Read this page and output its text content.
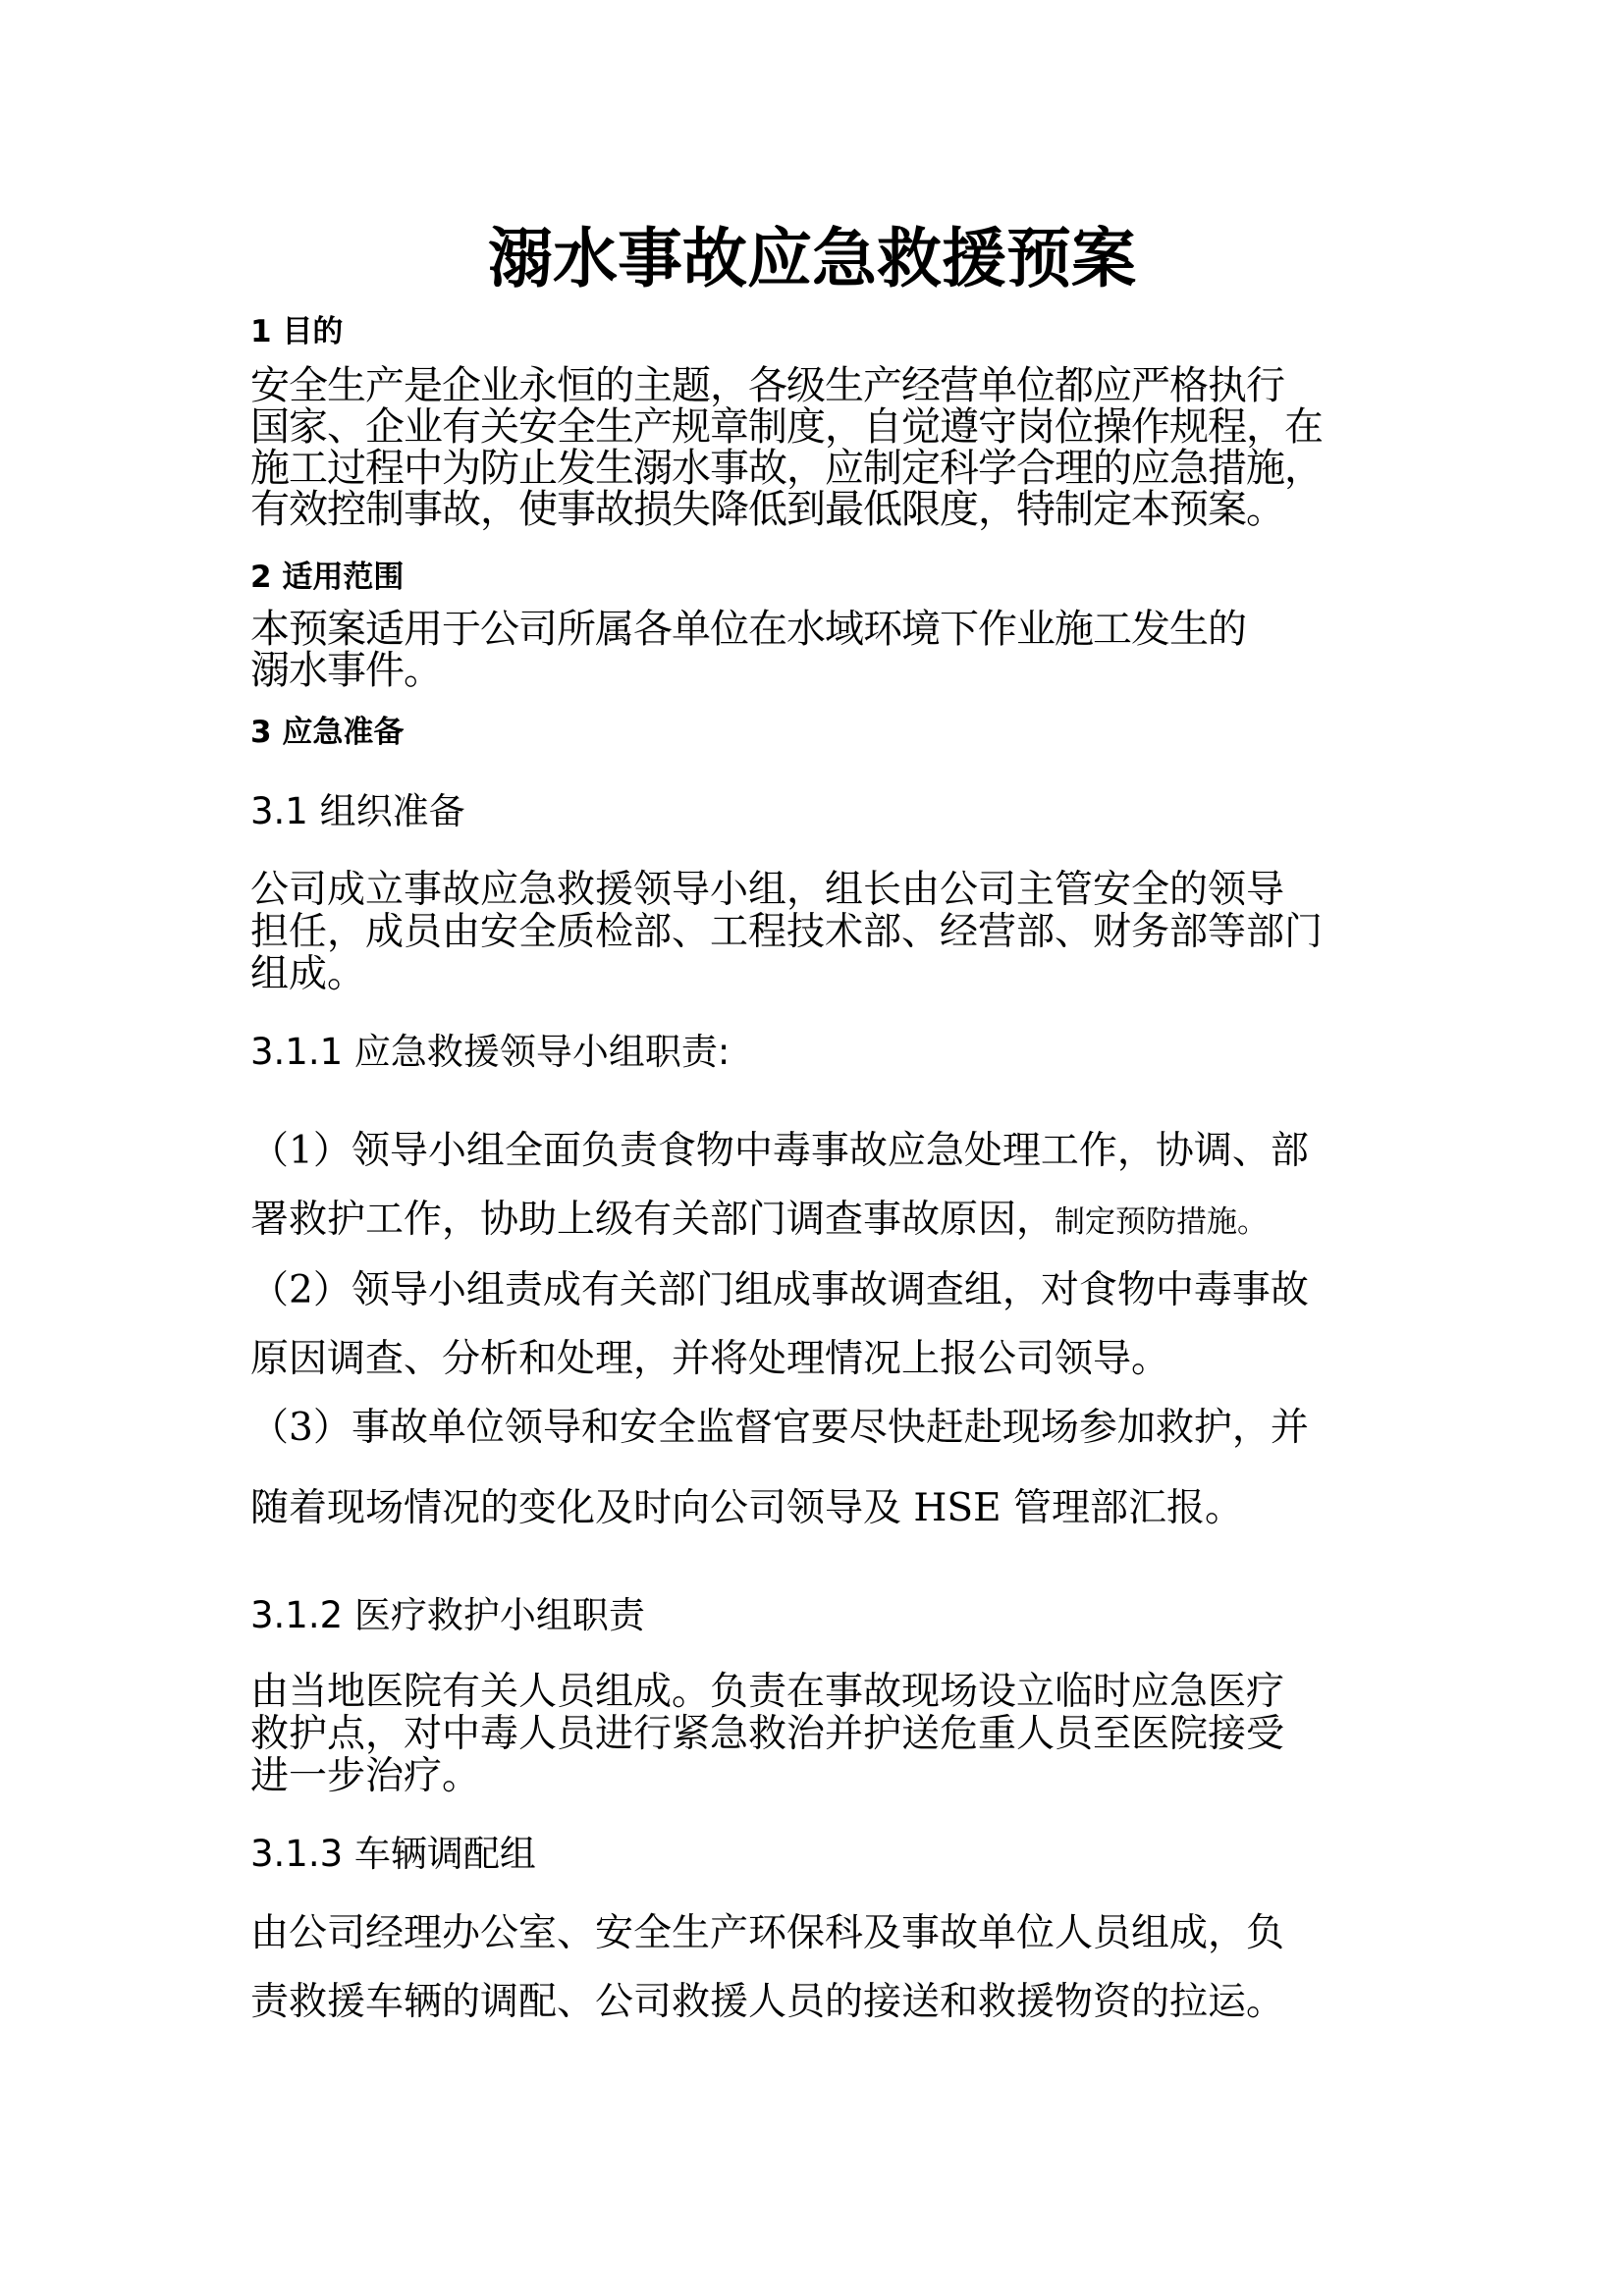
溺水事故应急救援预案
1 目的
安全生产是企业永恒的主题，各级生产经营单位都应严格执行
国家、企业有关安全生产规章制度，自觉遵守岗位操作规程，在
施工过程中为防止发生溺水事故，应制定科学合理的应急措施，
有效控制事故，使事故损失降低到最低限度，特制定本预案。
2 适用范围
本预案适用于公司所属各单位在水域环境下作业施工发生的
溺水事件。
3 应急准备
3.1 组织准备
公司成立事故应急救援领导小组，组长由公司主管安全的领导
担任，成员由安全质检部、工程技术部、经营部、财务部等部门
组成。
3.1.1 应急救援领导小组职责:
（1）领导小组全面负责食物中毒事故应急处理工作，协调、部
署救护工作，协助上级有关部门调查事故原因，制定预防措施。
（2）领导小组责成有关部门组成事故调查组，对食物中毒事故
原因调查、分析和处理，并将处理情况上报公司领导。
（3）事故单位领导和安全监督官要尽快赶赴现场参加救护，并
随着现场情况的变化及时向公司领导及 HSE 管理部汇报。
3.1.2 医疗救护小组职责
由当地医院有关人员组成。负责在事故现场设立临时应急医疗
救护点，对中毒人员进行紧急救治并护送危重人员至医院接受
进一步治疗。
3.1.3 车辆调配组
由公司经理办公室、安全生产环保科及事故单位人员组成，负
责救援车辆的调配、公司救援人员的接送和救援物资的拉运。
